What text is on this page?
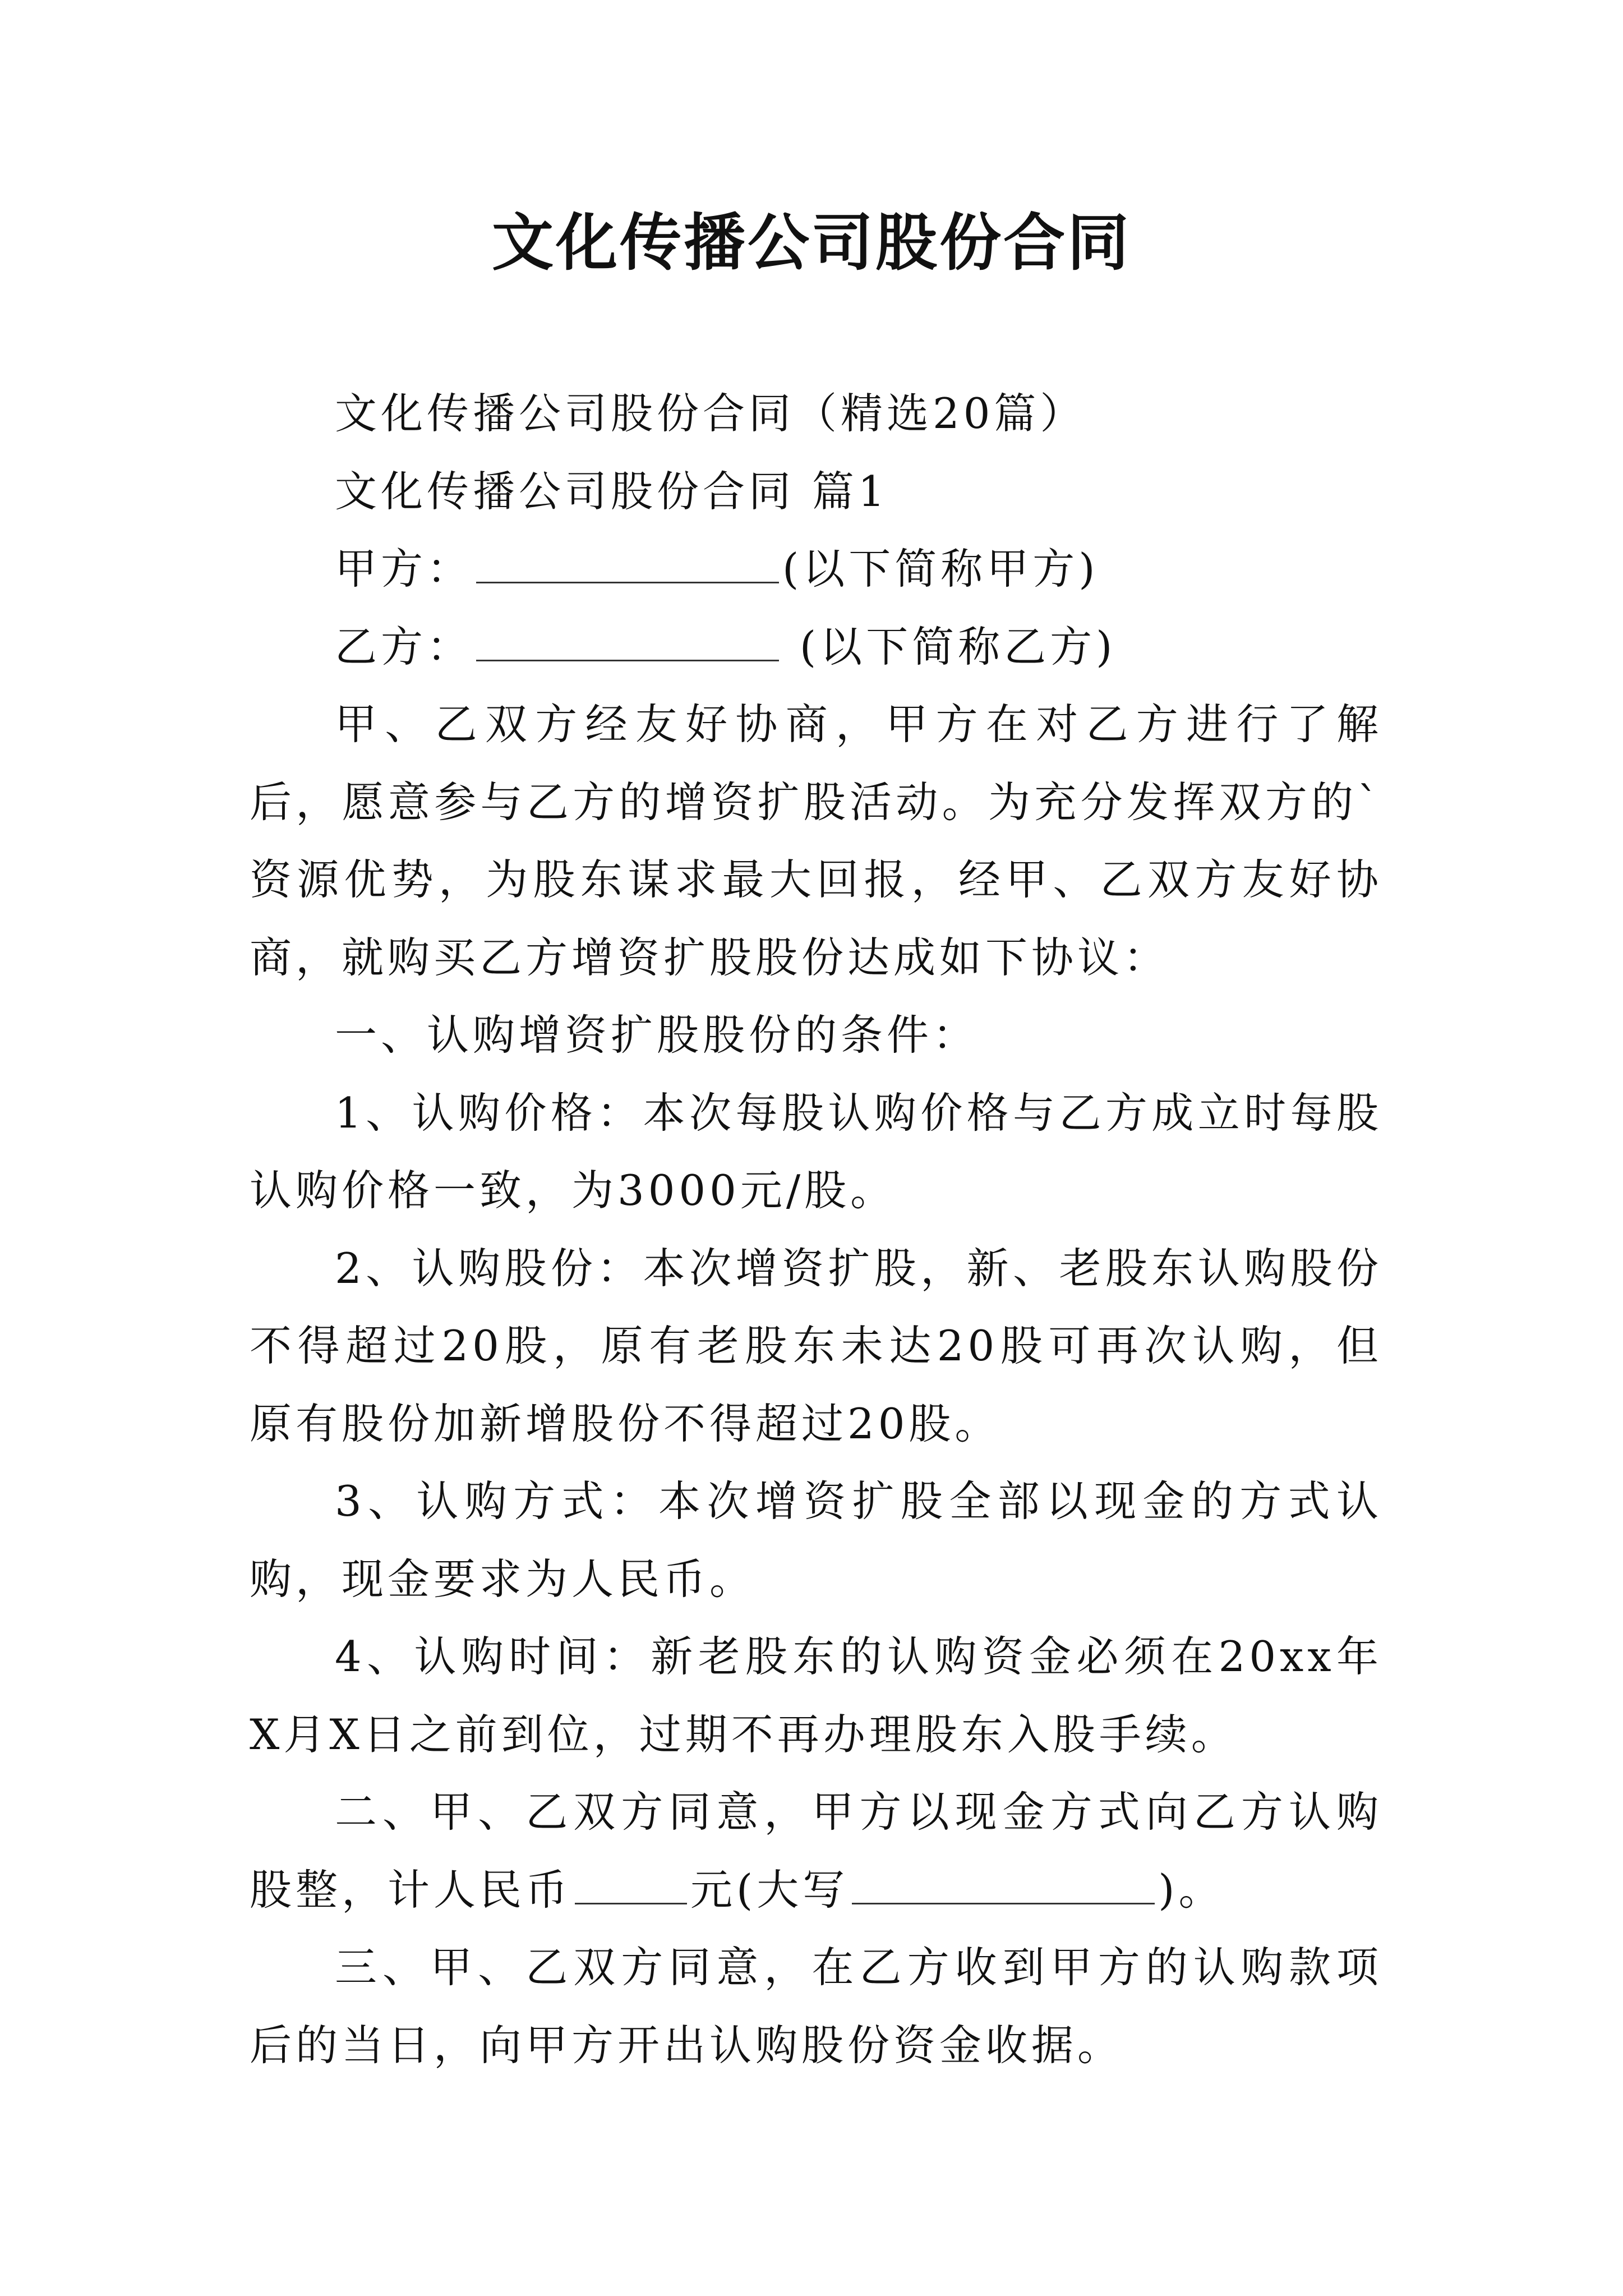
文化传播公司股份合同

文化传播公司股份合同（精选20篇）

文化传播公司股份合同 篇1

甲方：	(以下简称甲方)

乙方：	(以下简称乙方)

甲、乙双方经友好协商，甲方在对乙方进行了解后，愿意参与乙方的增资扩股活动。为充分发挥双方的`资源优势，为股东谋求最大回报，经甲、乙双方友好协商，就购买乙方增资扩股股份达成如下协议：

一、认购增资扩股股份的条件：

1、认购价格：本次每股认购价格与乙方成立时每股认购价格一致，为3000元/股。

2、认购股份：本次增资扩股，新、老股东认购股份不得超过20股，原有老股东未达20股可再次认购，但原有股份加新增股份不得超过20股。

3、认购方式：本次增资扩股全部以现金的方式认购，现金要求为人民币。

4、认购时间：新老股东的认购资金必须在20xx年X月X日之前到位，过期不再办理股东入股手续。

二、甲、乙双方同意，甲方以现金方式向乙方认购股整，计人民币	元(大写	)。

三、甲、乙双方同意，在乙方收到甲方的认购款项后的当日，向甲方开出认购股份资金收据。
